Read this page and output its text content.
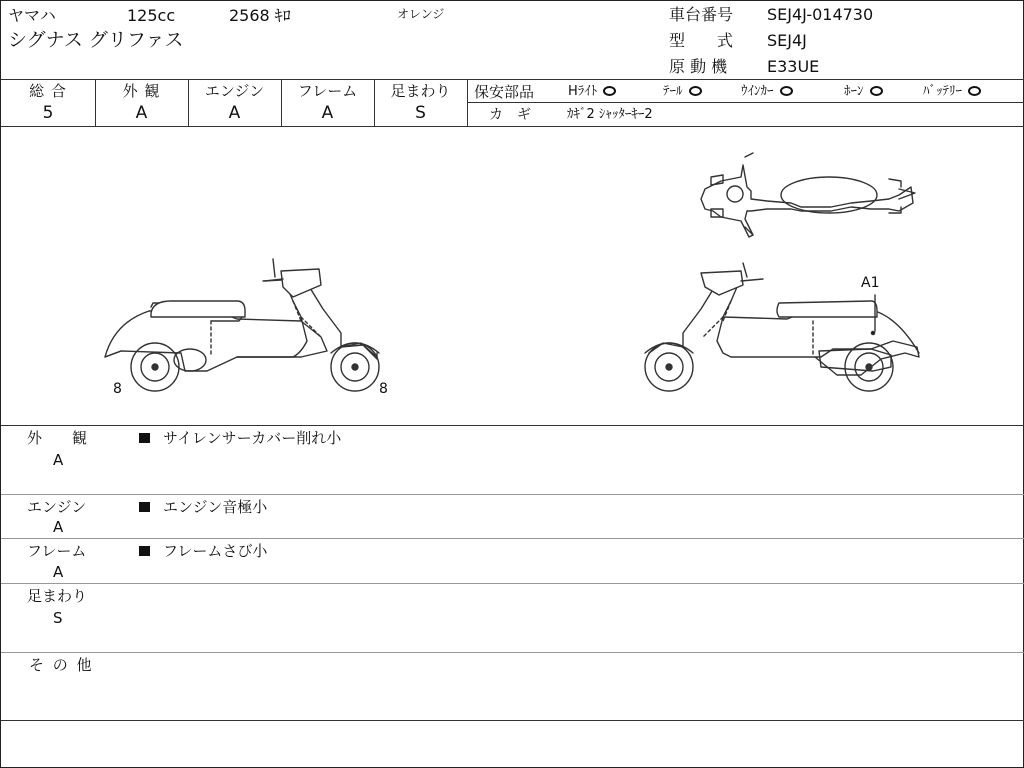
ヤマハ	125cc	2568 ｷﾛ	オレンジ
シグナス グリファス
車台番号 SEJ4J-014730
型　　式 SEJ4J
原 動 機 E33UE
総 合
5
外 観
A
エンジン
A
フレーム
A
足まわり
S
保安部品	Hﾗｲﾄ	ﾃｰﾙ	ｳｲﾝｶｰ	ﾎｰﾝ	ﾊﾞｯﾃﾘｰ
カ　ギ	ｶｷﾞ2 ｼｬｯﾀｰｷｰ2
8	8
A1
外　　観
A
サイレンサーカバー削れ小
エンジン
A
エンジン音極小
フレーム
A
フレームさび小
足まわり
S
そ の 他
